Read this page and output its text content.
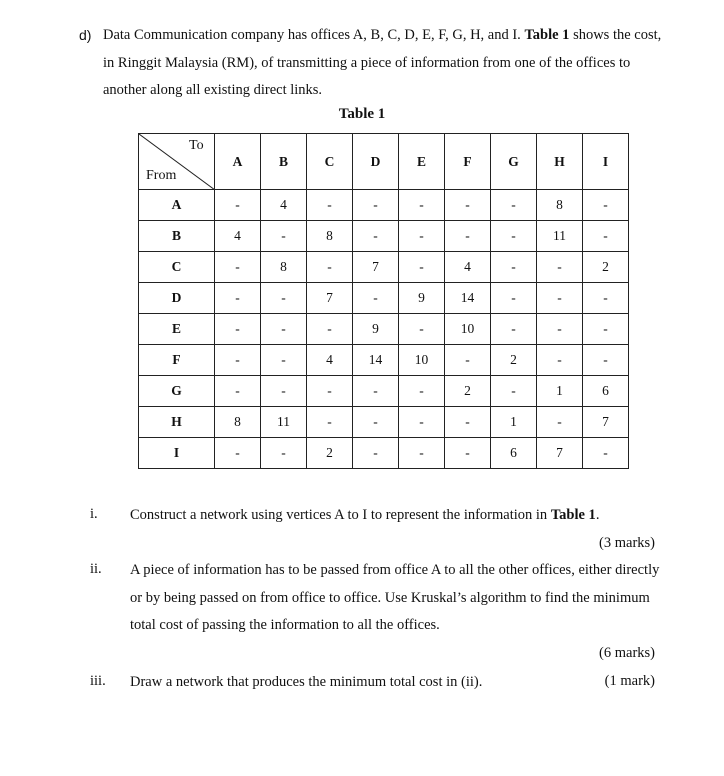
d) Data Communication company has offices A, B, C, D, E, F, G, H, and I. Table 1 shows the cost, in Ringgit Malaysia (RM), of transmitting a piece of information from one of the offices to another along all existing direct links.
Table 1
To
From	A	B	C	D	E	F	G	H	I
A	-	4	-	-	-	-	-	8	-
B	4	-	8	-	-	-	-	11	-
C	-	8	-	7	-	4	-	-	2
D	-	-	7	-	9	14	-	-	-
E	-	-	-	9	-	10	-	-	-
F	-	-	4	14	10	-	2	-	-
G	-	-	-	-	-	2	-	1	6
H	8	11	-	-	-	-	1	-	7
I	-	-	2	-	-	-	6	7	-
i. Construct a network using vertices A to I to represent the information in Table 1.
(3 marks)
ii. A piece of information has to be passed from office A to all the other offices, either directly or by being passed on from office to office. Use Kruskal’s algorithm to find the minimum total cost of passing the information to all the offices.
(6 marks)
iii. Draw a network that produces the minimum total cost in (ii).	(1 mark)
